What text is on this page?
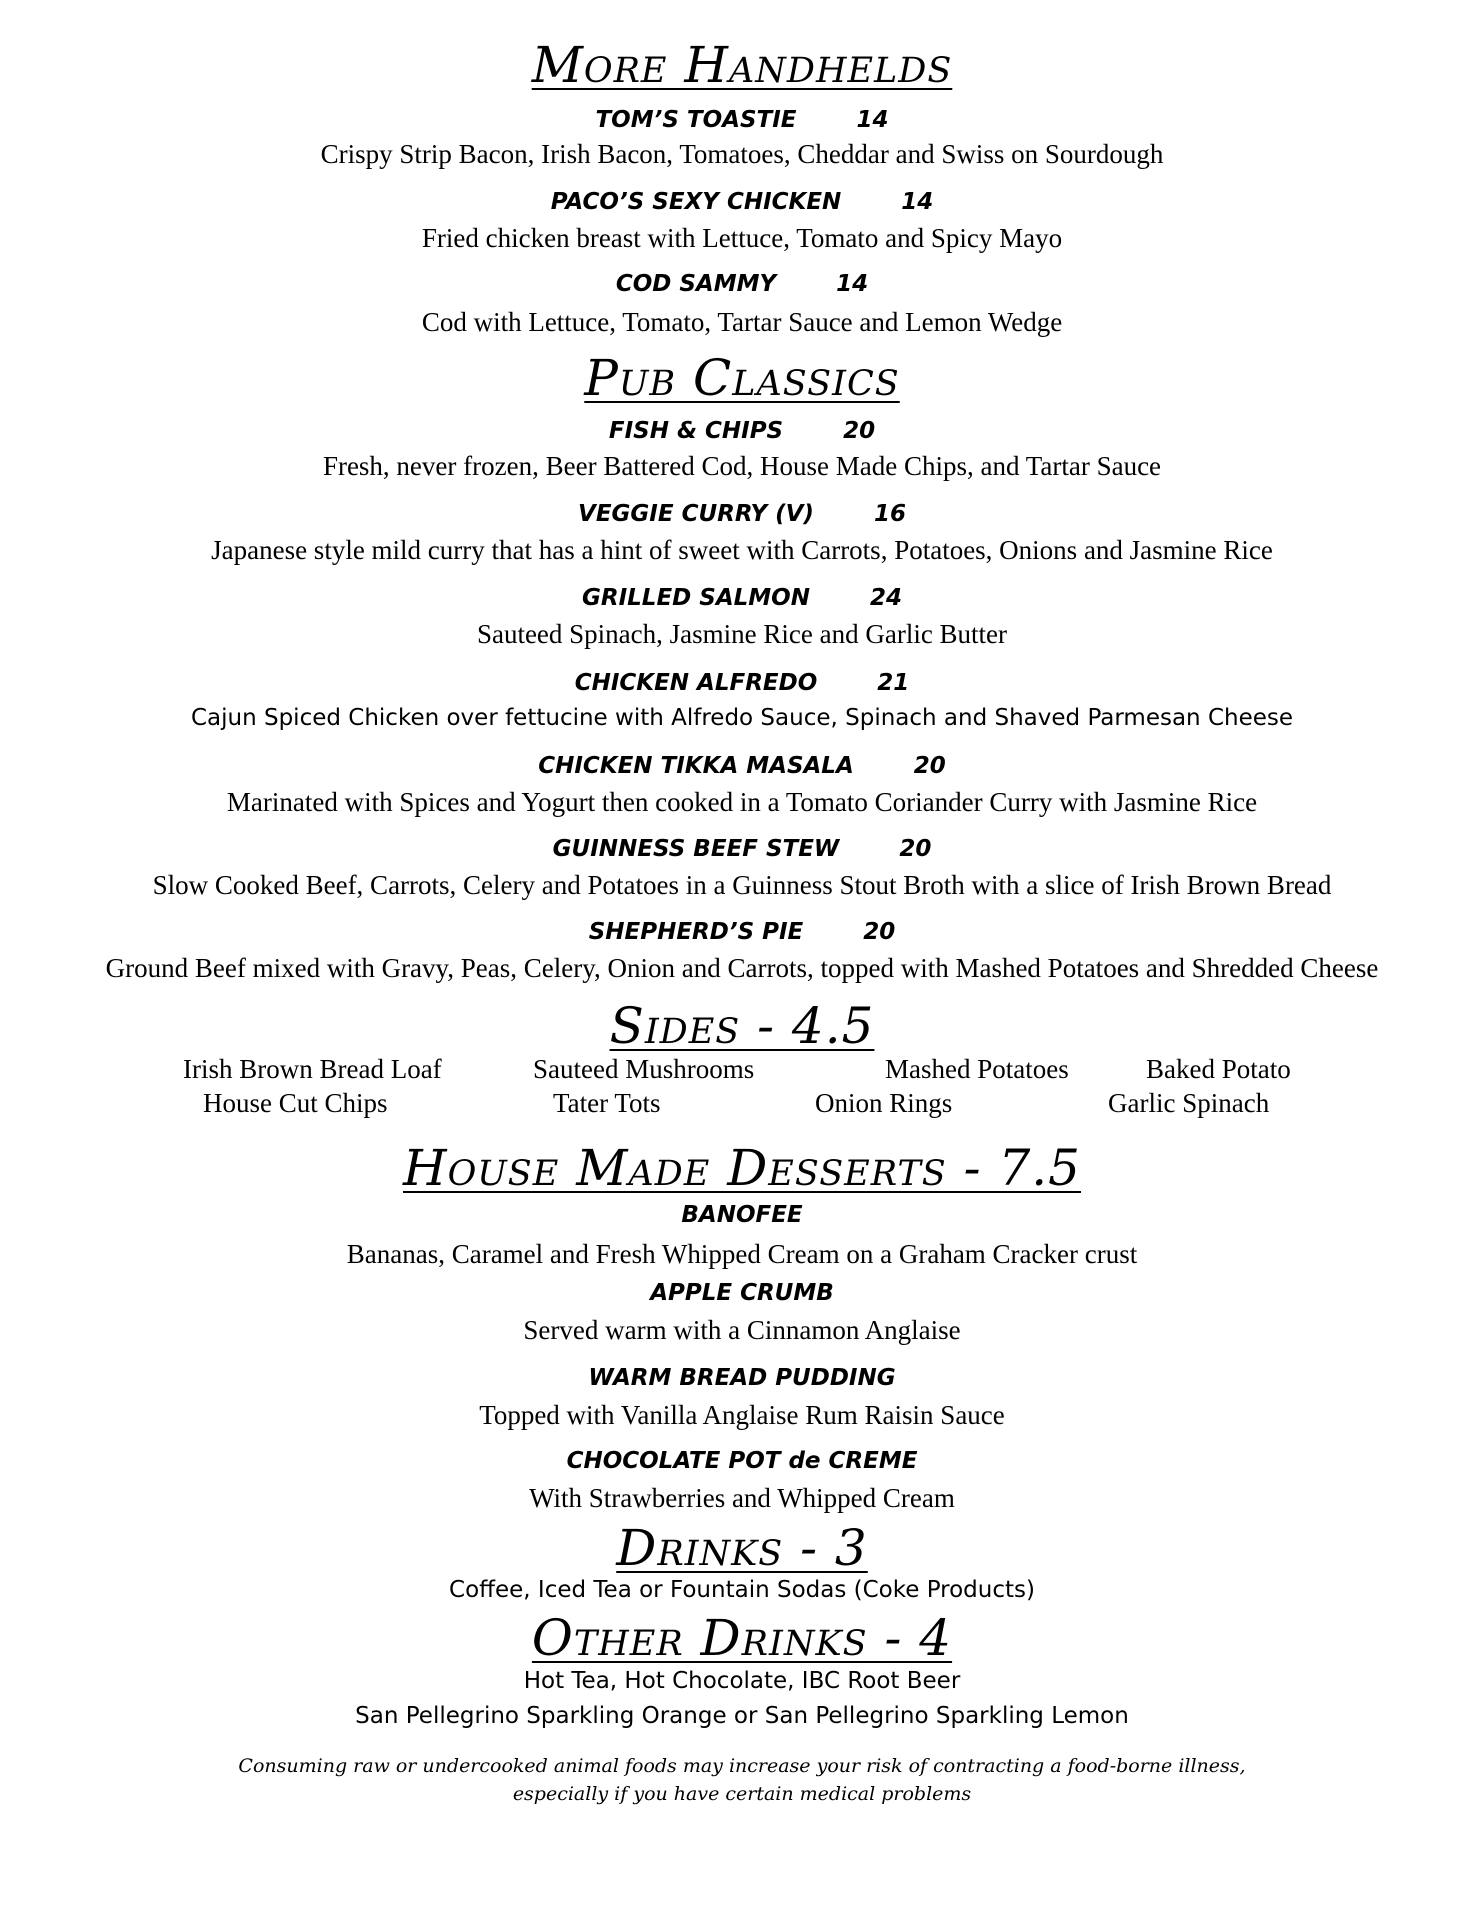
More Handhelds
TOM’S TOASTIE	14
Crispy Strip Bacon, Irish Bacon, Tomatoes, Cheddar and Swiss on Sourdough
PACO’S SEXY CHICKEN	14
Fried chicken breast with Lettuce, Tomato and Spicy Mayo
COD SAMMY	14
Cod with Lettuce, Tomato, Tartar Sauce and Lemon Wedge
Pub Classics
FISH & CHIPS	20
Fresh, never frozen, Beer Battered Cod, House Made Chips, and Tartar Sauce
VEGGIE CURRY (V)	16
Japanese style mild curry that has a hint of sweet with Carrots, Potatoes, Onions and Jasmine Rice
GRILLED SALMON	24
Sauteed Spinach, Jasmine Rice and Garlic Butter
CHICKEN ALFREDO	21
Cajun Spiced Chicken over fettucine with Alfredo Sauce, Spinach and Shaved Parmesan Cheese
CHICKEN TIKKA MASALA	20
Marinated with Spices and Yogurt then cooked in a Tomato Coriander Curry with Jasmine Rice
GUINNESS BEEF STEW	20
Slow Cooked Beef, Carrots, Celery and Potatoes in a Guinness Stout Broth with a slice of Irish Brown Bread
SHEPHERD’S PIE	20
Ground Beef mixed with Gravy, Peas, Celery, Onion and Carrots, topped with Mashed Potatoes and Shredded Cheese
Sides - 4.5
Irish Brown Bread Loaf	Sauteed Mushrooms	Mashed Potatoes	Baked Potato
House Cut Chips	Tater Tots	Onion Rings	Garlic Spinach
House Made Desserts - 7.5
BANOFEE
Bananas, Caramel and Fresh Whipped Cream on a Graham Cracker crust
APPLE CRUMB
Served warm with a Cinnamon Anglaise
WARM BREAD PUDDING
Topped with Vanilla Anglaise Rum Raisin Sauce
CHOCOLATE POT de CREME
With Strawberries and Whipped Cream
Drinks - 3
Coffee, Iced Tea or Fountain Sodas (Coke Products)
Other Drinks - 4
Hot Tea, Hot Chocolate, IBC Root Beer
San Pellegrino Sparkling Orange or San Pellegrino Sparkling Lemon
Consuming raw or undercooked animal foods may increase your risk of contracting a food-borne illness,
especially if you have certain medical problems
